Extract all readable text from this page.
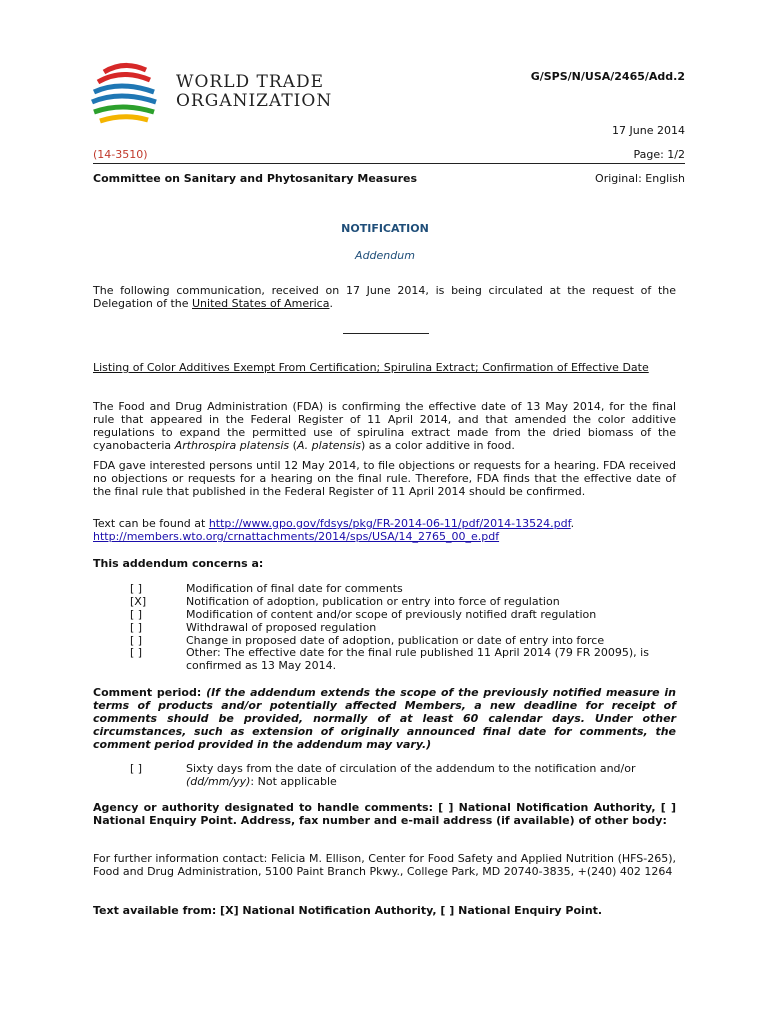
WORLD TRADE
ORGANIZATION
G/SPS/N/USA/2465/Add.2
17 June 2014
(14-3510)	Page: 1/2
Committee on Sanitary and Phytosanitary Measures	Original: English
NOTIFICATION
Addendum
The following communication, received on 17 June 2014, is being circulated at the request of the Delegation of the United States of America.
Listing of Color Additives Exempt From Certification; Spirulina Extract; Confirmation of Effective Date
The Food and Drug Administration (FDA) is confirming the effective date of 13 May 2014, for the final rule that appeared in the Federal Register of 11 April 2014, and that amended the color additive regulations to expand the permitted use of spirulina extract made from the dried biomass of the cyanobacteria Arthrospira platensis (A. platensis) as a color additive in food.
FDA gave interested persons until 12 May 2014, to file objections or requests for a hearing. FDA received no objections or requests for a hearing on the final rule. Therefore, FDA finds that the effective date of the final rule that published in the Federal Register of 11 April 2014 should be confirmed.
Text can be found at http://www.gpo.gov/fdsys/pkg/FR-2014-06-11/pdf/2014-13524.pdf.
http://members.wto.org/crnattachments/2014/sps/USA/14_2765_00_e.pdf
This addendum concerns a:
[ ]	Modification of final date for comments
[X]	Notification of adoption, publication or entry into force of regulation
[ ]	Modification of content and/or scope of previously notified draft regulation
[ ]	Withdrawal of proposed regulation
[ ]	Change in proposed date of adoption, publication or date of entry into force
[ ]	Other: The effective date for the final rule published 11 April 2014 (79 FR 20095), is confirmed as 13 May 2014.
Comment period: (If the addendum extends the scope of the previously notified measure in terms of products and/or potentially affected Members, a new deadline for receipt of comments should be provided, normally of at least 60 calendar days. Under other circumstances, such as extension of originally announced final date for comments, the comment period provided in the addendum may vary.)
[ ]	Sixty days from the date of circulation of the addendum to the notification and/or (dd/mm/yy): Not applicable
Agency or authority designated to handle comments: [ ] National Notification Authority, [ ] National Enquiry Point. Address, fax number and e-mail address (if available) of other body:
For further information contact: Felicia M. Ellison, Center for Food Safety and Applied Nutrition (HFS-265), Food and Drug Administration, 5100 Paint Branch Pkwy., College Park, MD 20740-3835, +(240) 402 1264
Text available from: [X] National Notification Authority, [ ] National Enquiry Point.
